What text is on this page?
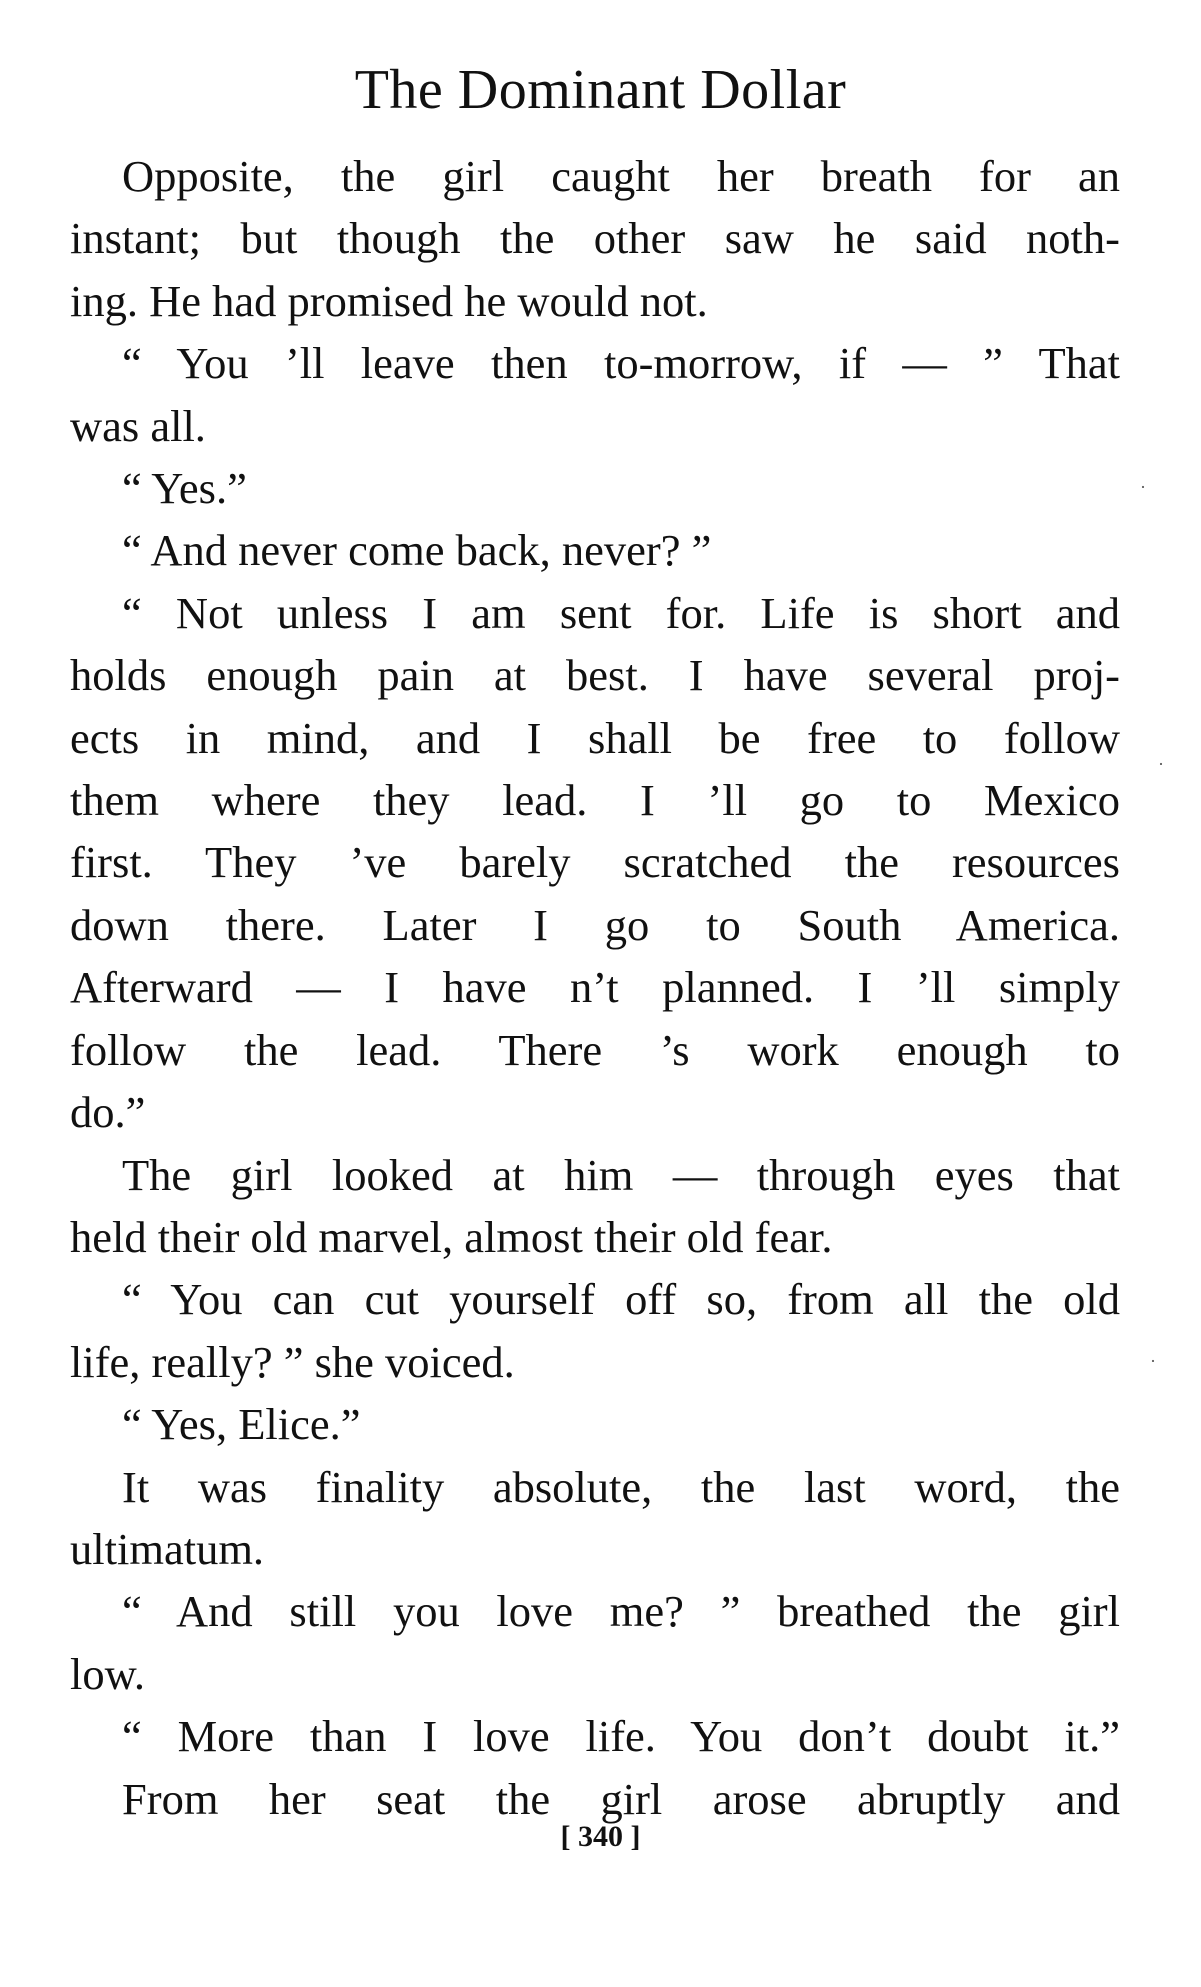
The Dominant Dollar
Opposite, the girl caught her breath for an
instant; but though the other saw he said noth-
ing. He had promised he would not.
“ You ’ll leave then to-morrow, if — ” That
was all.
“ Yes.”
“ And never come back, never? ”
“ Not unless I am sent for. Life is short and
holds enough pain at best. I have several proj-
ects in mind, and I shall be free to follow
them where they lead. I ’ll go to Mexico
first. They ’ve barely scratched the resources
down there. Later I go to South America.
Afterward — I have n’t planned. I ’ll simply
follow the lead. There ’s work enough to
do.”
The girl looked at him — through eyes that
held their old marvel, almost their old fear.
“ You can cut yourself off so, from all the old
life, really? ” she voiced.
“ Yes, Elice.”
It was finality absolute, the last word, the
ultimatum.
“ And still you love me? ” breathed the girl
low.
“ More than I love life. You don’t doubt it.”
From her seat the girl arose abruptly and
[ 340 ]
·
·
·
